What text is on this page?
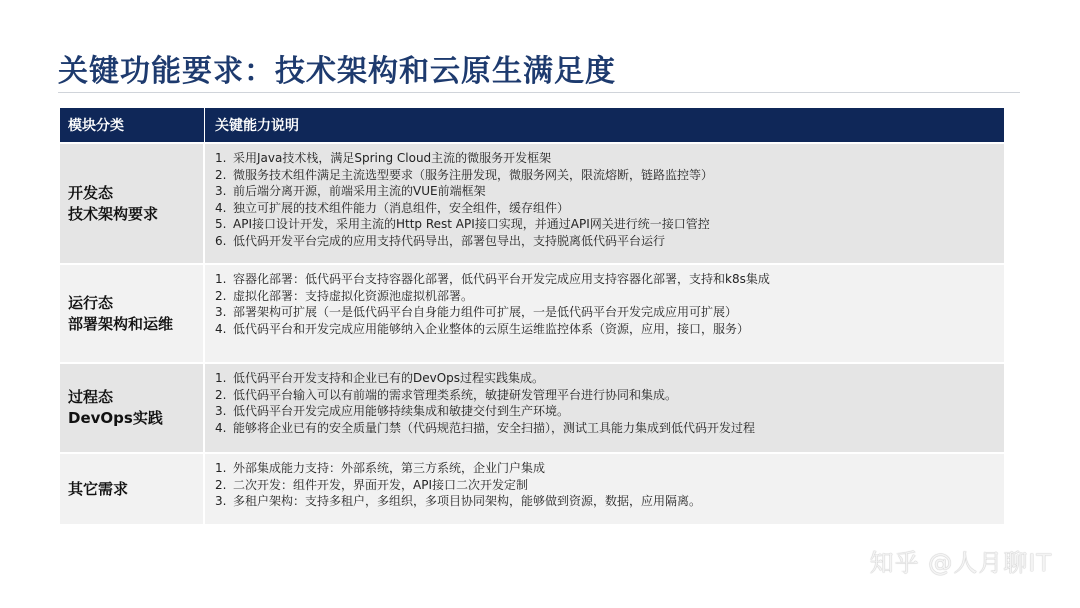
关键功能要求：技术架构和云原生满足度
模块分类	关键能力说明
开发态
技术架构要求
1. 采用Java技术栈，满足Spring Cloud主流的微服务开发框架
2. 微服务技术组件满足主流选型要求（服务注册发现，微服务网关，限流熔断，链路监控等）
3. 前后端分离开源，前端采用主流的VUE前端框架
4. 独立可扩展的技术组件能力（消息组件，安全组件，缓存组件）
5. API接口设计开发，采用主流的Http Rest API接口实现，并通过API网关进行统一接口管控
6. 低代码开发平台完成的应用支持代码导出，部署包导出，支持脱离低代码平台运行
运行态
部署架构和运维
1. 容器化部署：低代码平台支持容器化部署，低代码平台开发完成应用支持容器化部署，支持和k8s集成
2. 虚拟化部署：支持虚拟化资源池虚拟机部署。
3. 部署架构可扩展（一是低代码平台自身能力组件可扩展，一是低代码平台开发完成应用可扩展）
4. 低代码平台和开发完成应用能够纳入企业整体的云原生运维监控体系（资源，应用，接口，服务）
过程态
DevOps实践
1. 低代码平台开发支持和企业已有的DevOps过程实践集成。
2. 低代码平台输入可以有前端的需求管理类系统，敏捷研发管理平台进行协同和集成。
3. 低代码平台开发完成应用能够持续集成和敏捷交付到生产环境。
4. 能够将企业已有的安全质量门禁（代码规范扫描，安全扫描），测试工具能力集成到低代码开发过程
其它需求
1. 外部集成能力支持：外部系统，第三方系统，企业门户集成
2. 二次开发：组件开发，界面开发，API接口二次开发定制
3. 多租户架构：支持多租户，多组织，多项目协同架构，能够做到资源，数据，应用隔离。
知乎 @人月聊IT
